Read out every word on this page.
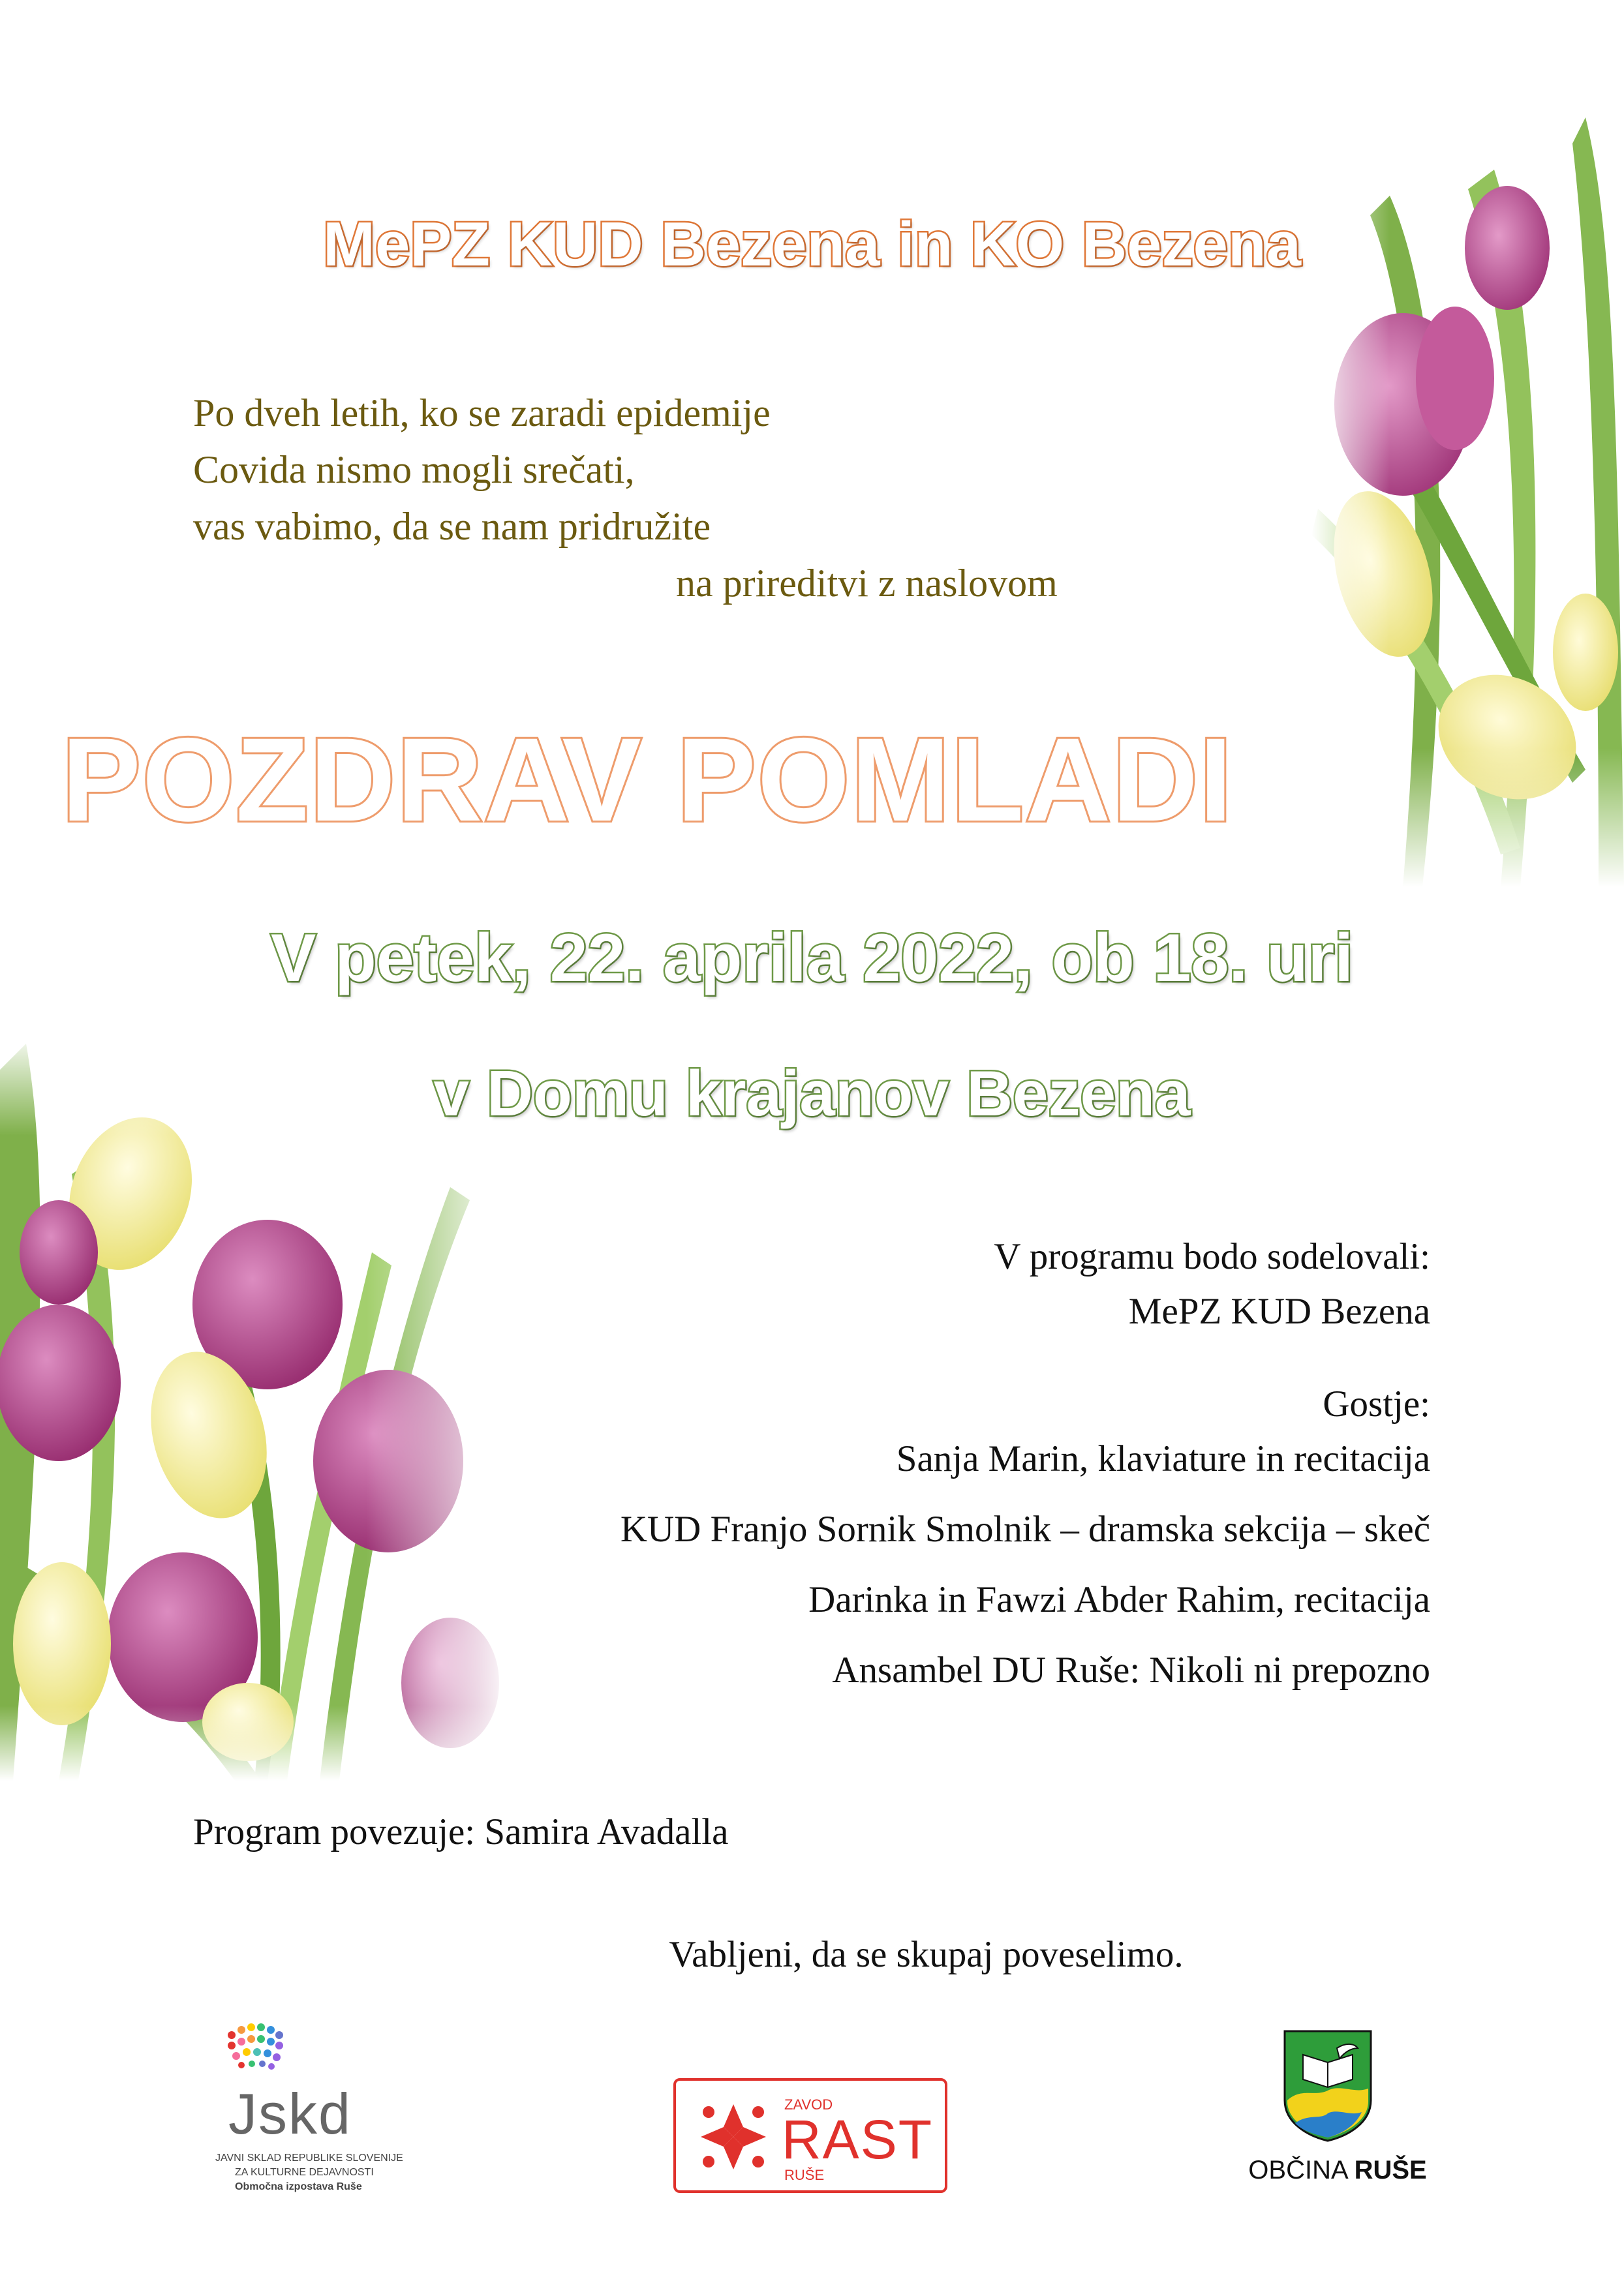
MePZ KUD Bezena in KO Bezena
Po dveh letih, ko se zaradi epidemije
Covida nismo mogli srečati,
vas vabimo, da se nam pridružite
na prireditvi z naslovom
POZDRAV POMLADI
V petek, 22. aprila 2022, ob 18. uri
v Domu krajanov Bezena
V programu bodo sodelovali:
MePZ KUD Bezena
Gostje:
Sanja Marin, klaviature in recitacija
KUD Franjo Sornik Smolnik – dramska sekcija – skeč
Darinka in Fawzi Abder Rahim, recitacija
Ansambel DU Ruše: Nikoli ni prepozno
Program povezuje: Samira Avadalla
Vabljeni, da se skupaj poveselimo.
Jskd
JAVNI SKLAD REPUBLIKE SLOVENIJE
ZA KULTURNE DEJAVNOSTI
Območna izpostava Ruše
ZAVOD
RAST
RUŠE	OBČINA RUŠE
